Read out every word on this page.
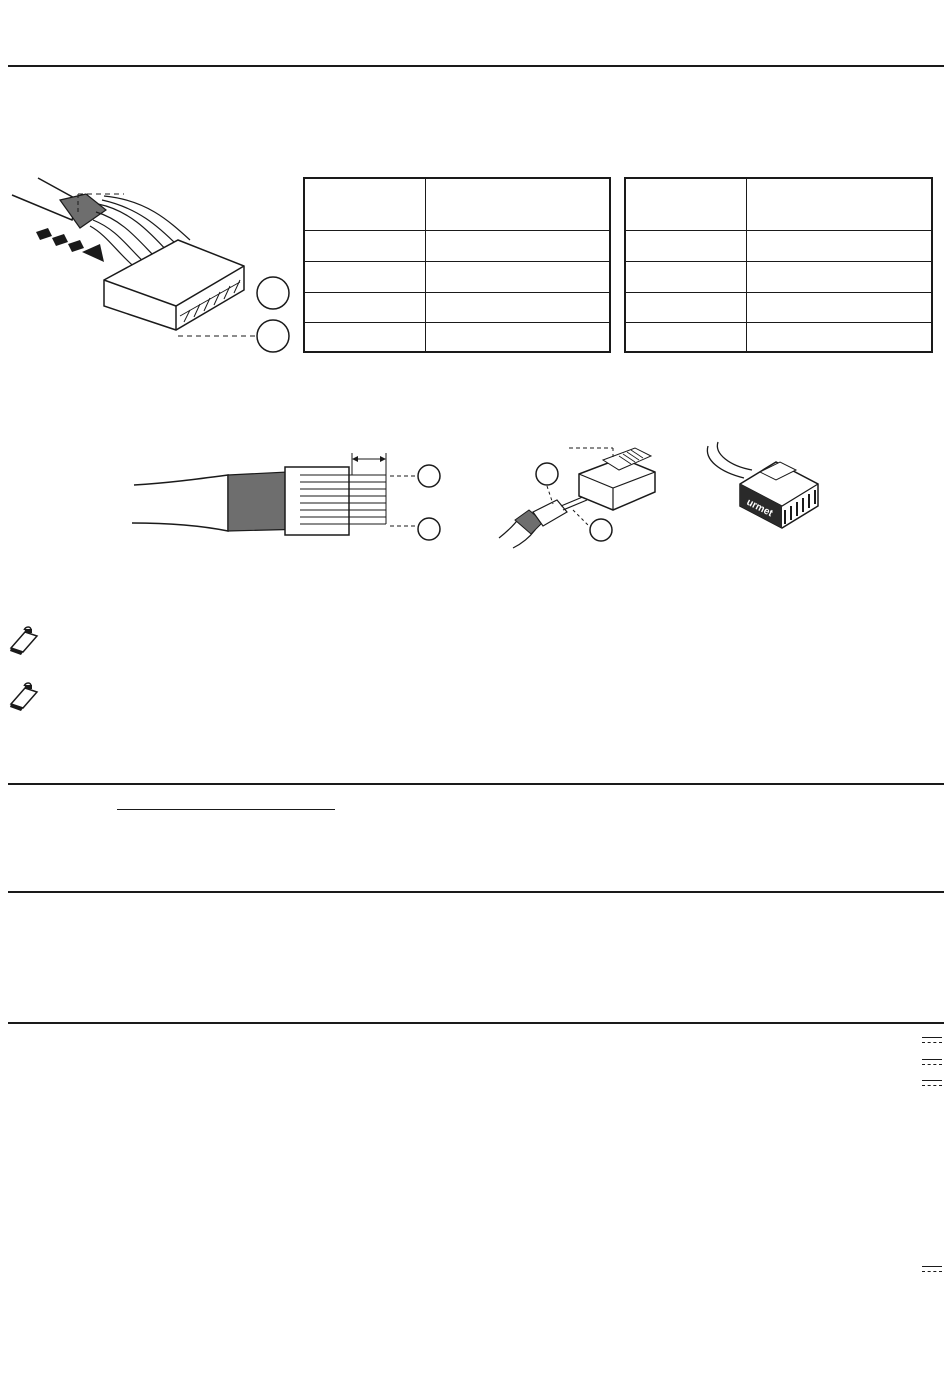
urmet
